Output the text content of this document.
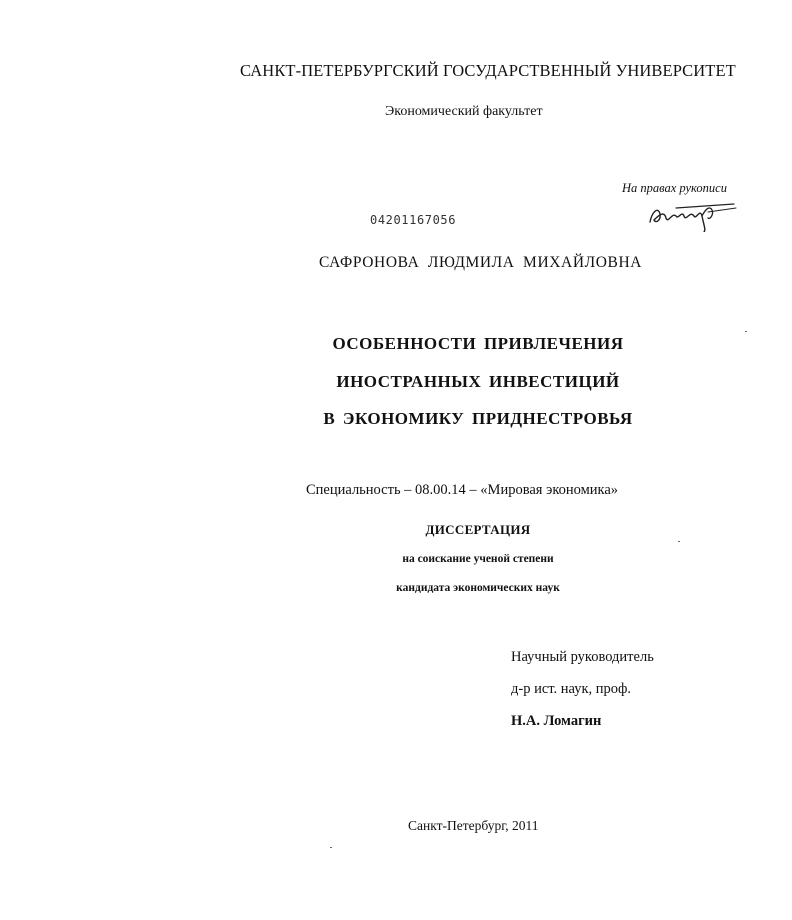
САНКТ-ПЕТЕРБУРГСКИЙ ГОСУДАРСТВЕННЫЙ УНИВЕРСИТЕТ
Экономический факультет
На правах рукописи
04201167056
САФРОНОВА ЛЮДМИЛА МИХАЙЛОВНА
ОСОБЕННОСТИ ПРИВЛЕЧЕНИЯ
ИНОСТРАННЫХ ИНВЕСТИЦИЙ
В ЭКОНОМИКУ ПРИДНЕСТРОВЬЯ
Специальность – 08.00.14 – «Мировая экономика»
ДИССЕРТАЦИЯ
на соискание ученой степени
кандидата экономических наук
Научный руководитель
д-р ист. наук, проф.
Н.А. Ломагин
Санкт-Петербург, 2011
